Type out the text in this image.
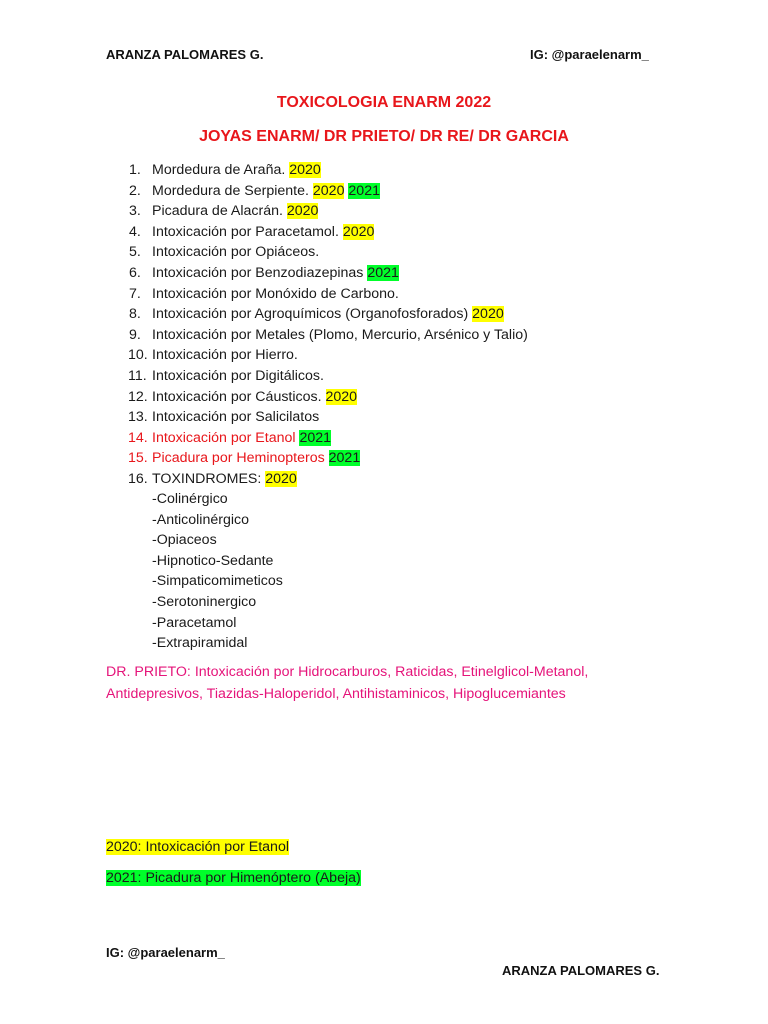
ARANZA PALOMARES G.	IG: @paraelenarm_
TOXICOLOGIA ENARM 2022
JOYAS ENARM/ DR PRIETO/ DR RE/ DR GARCIA
1. Mordedura de Araña. 2020
2. Mordedura de Serpiente. 2020 2021
3. Picadura de Alacrán. 2020
4. Intoxicación por Paracetamol. 2020
5. Intoxicación por Opiáceos.
6. Intoxicación por Benzodiazepinas 2021
7. Intoxicación por Monóxido de Carbono.
8. Intoxicación por Agroquímicos (Organofosforados) 2020
9. Intoxicación por Metales (Plomo, Mercurio, Arsénico y Talio)
10. Intoxicación por Hierro.
11. Intoxicación por Digitálicos.
12. Intoxicación por Cáusticos. 2020
13. Intoxicación por Salicilatos
14. Intoxicación por Etanol 2021
15. Picadura por Heminopteros 2021
16. TOXINDROMES: 2020
-Colinérgico
-Anticolinérgico
-Opiaceos
-Hipnotico-Sedante
-Simpaticomimeticos
-Serotoninergico
-Paracetamol
-Extrapiramidal
DR. PRIETO: Intoxicación por Hidrocarburos, Raticidas, Etinelglicol-Metanol, Antidepresivos, Tiazidas-Haloperidol, Antihistaminicos, Hipoglucemiantes
2020: Intoxicación por Etanol
2021: Picadura por Himenóptero (Abeja)
IG: @paraelenarm_
ARANZA PALOMARES G.
